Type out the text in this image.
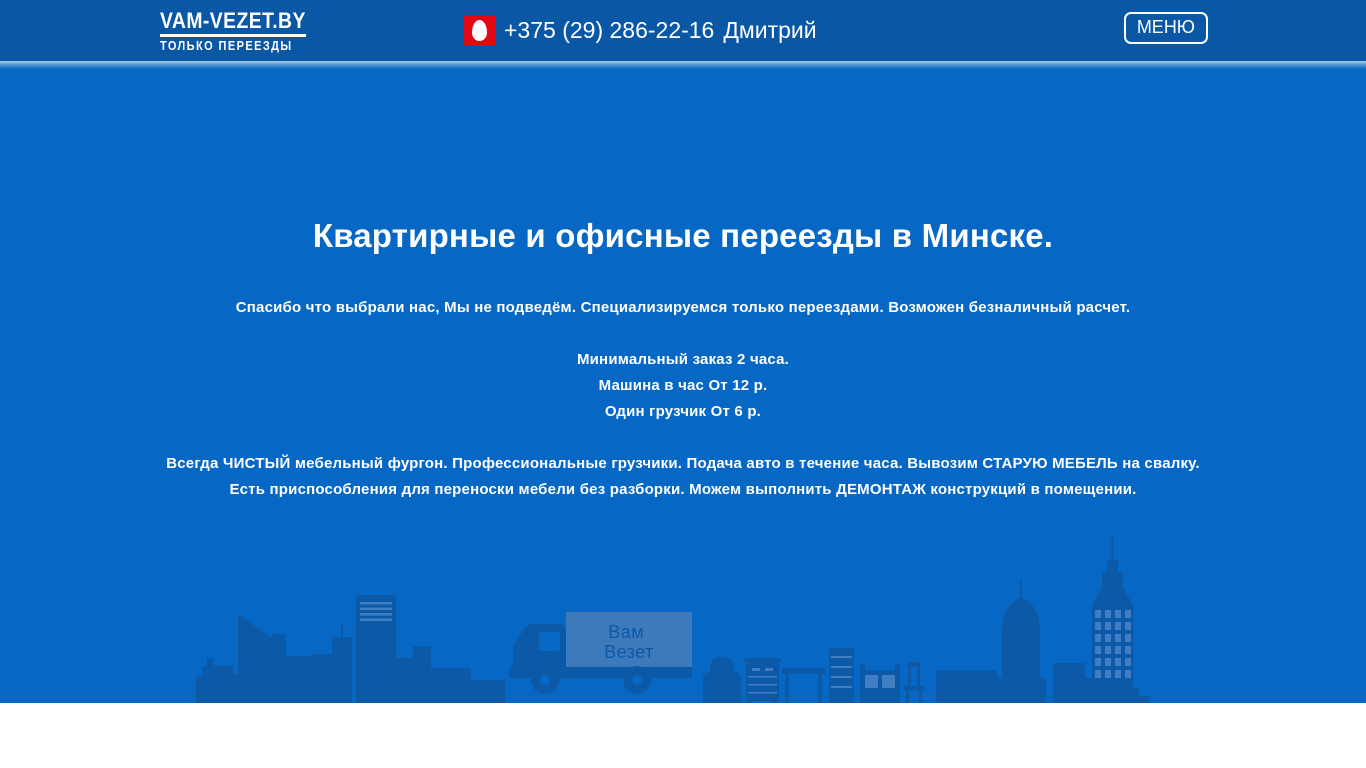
VAM-VEZET.BY
ТОЛЬКО ПЕРЕЕЗДЫ
+375 (29) 286-22-16 Дмитрий	МЕНЮ
Квартирные и офисные переезды в Минске.
Спасибо что выбрали нас, Мы не подведём. Специализируемся только переездами. Возможен безналичный расчет.
Минимальный заказ 2 часа.
Машина в час От 12 р.
Один грузчик От 6 р.
Всегда ЧИСТЫЙ мебельный фургон. Профессиональные грузчики. Подача авто в течение часа. Вывозим СТАРУЮ МЕБЕЛЬ на свалку. Есть приспособления для переноски мебели без разборки. Можем выполнить ДЕМОНТАЖ конструкций в помещении.
Вам Везет
